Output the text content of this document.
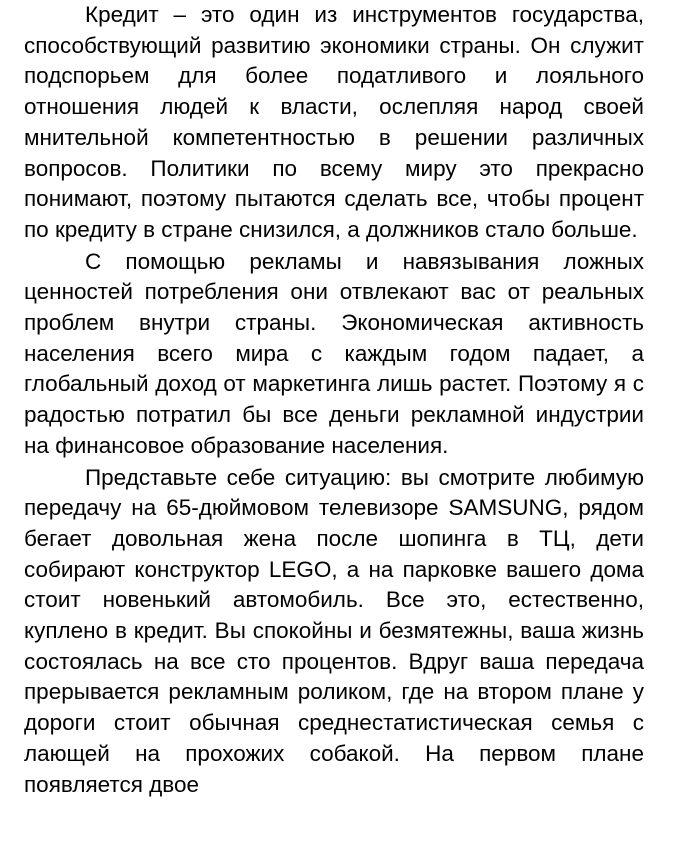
Кредит – это один из инструментов государства, способствующий развитию экономики страны. Он служит подспорьем для более податливого и лояльного отношения людей к власти, ослепляя народ своей мнительной компетентностью в решении различных вопросов. Политики по всему миру это прекрасно понимают, поэтому пытаются сделать все, чтобы процент по кредиту в стране снизился, а должников стало больше.

С помощью рекламы и навязывания ложных ценностей потребления они отвлекают вас от реальных проблем внутри страны. Экономическая активность населения всего мира с каждым годом падает, а глобальный доход от маркетинга лишь растет. Поэтому я с радостью потратил бы все деньги рекламной индустрии на финансовое образование населения.

Представьте себе ситуацию: вы смотрите любимую передачу на 65-дюймовом телевизоре SAMSUNG, рядом бегает довольная жена после шопинга в ТЦ, дети собирают конструктор LEGO, а на парковке вашего дома стоит новенький автомобиль. Все это, естественно, куплено в кредит. Вы спокойны и безмятежны, ваша жизнь состоялась на все сто процентов. Вдруг ваша передача прерывается рекламным роликом, где на втором плане у дороги стоит обычная среднестатистическая семья с лающей на прохожих собакой. На первом плане появляется двое
